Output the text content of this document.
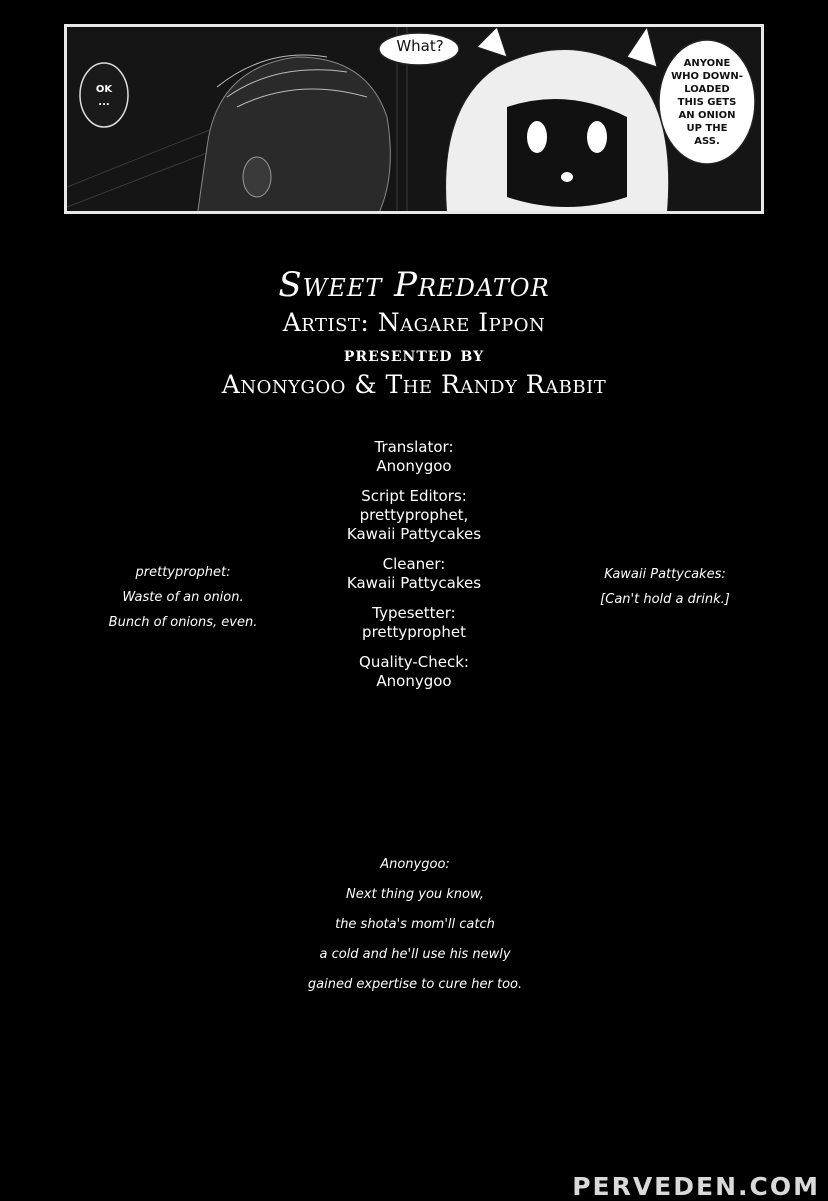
OK
...
What?
ANYONE
WHO DOWN-
LOADED
THIS GETS
AN ONION
UP THE
ASS.
Sweet Predator
Artist: Nagare Ippon
presented by
Anonygoo & The Randy Rabbit
Translator:
Anonygoo
Script Editors:
prettyprophet,
Kawaii Pattycakes
Cleaner:
Kawaii Pattycakes
Typesetter:
prettyprophet
Quality-Check:
Anonygoo
prettyprophet:
Waste of an onion.
Bunch of onions, even.
Kawaii Pattycakes:
[Can't hold a drink.]
Anonygoo:
Next thing you know,
the shota's mom'll catch
a cold and he'll use his newly
gained expertise to cure her too.
PERVEDEN.COM
